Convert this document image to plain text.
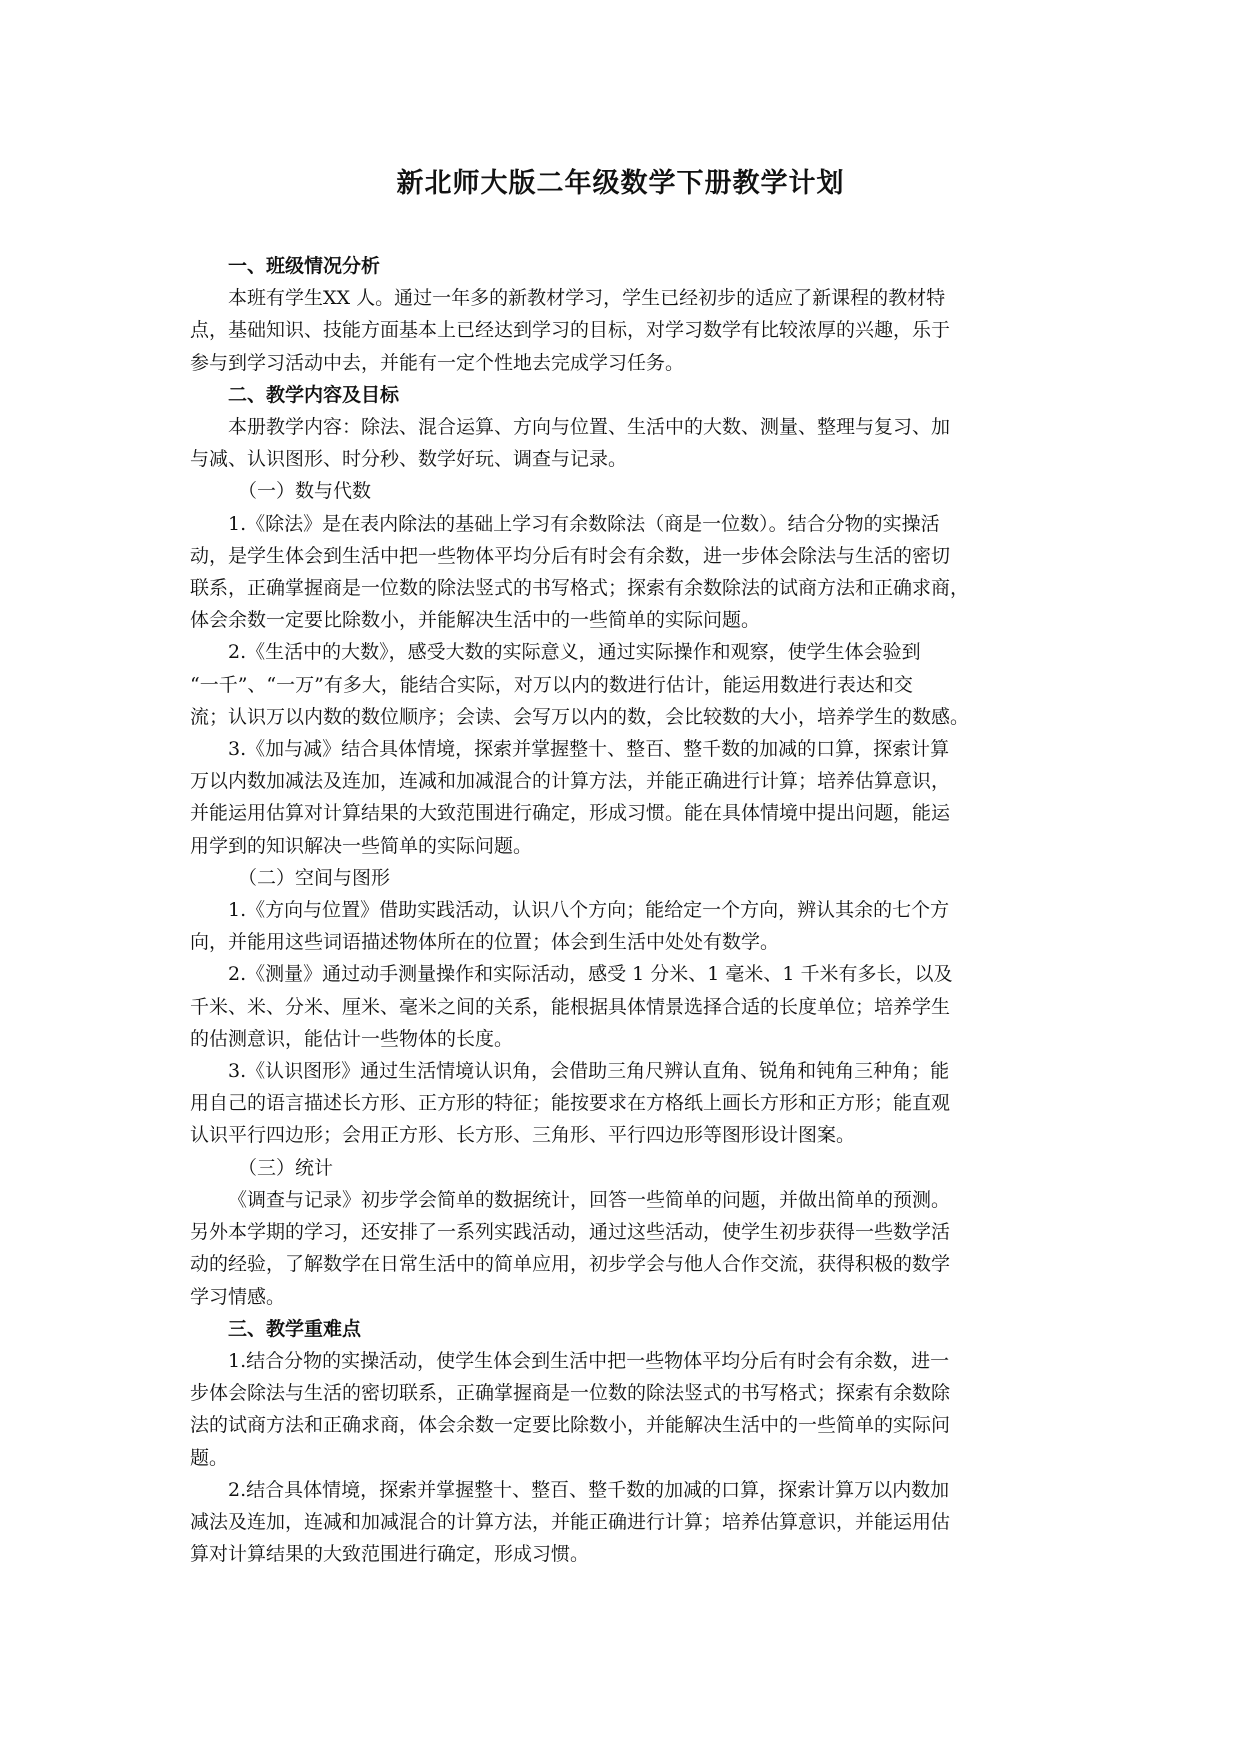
新北师大版二年级数学下册教学计划
一、班级情况分析
本班有学生XX 人。通过一年多的新教材学习，学生已经初步的适应了新课程的教材特
点，基础知识、技能方面基本上已经达到学习的目标，对学习数学有比较浓厚的兴趣，乐于
参与到学习活动中去，并能有一定个性地去完成学习任务。
二、教学内容及目标
本册教学内容：除法、混合运算、方向与位置、生活中的大数、测量、整理与复习、加
与减、认识图形、时分秒、数学好玩、调查与记录。
（一）数与代数
1.《除法》是在表内除法的基础上学习有余数除法（商是一位数）。结合分物的实操活
动，是学生体会到生活中把一些物体平均分后有时会有余数，进一步体会除法与生活的密切
联系，正确掌握商是一位数的除法竖式的书写格式；探索有余数除法的试商方法和正确求商，
体会余数一定要比除数小，并能解决生活中的一些简单的实际问题。
2.《生活中的大数》，感受大数的实际意义，通过实际操作和观察，使学生体会验到
“一千”、“一万”有多大，能结合实际，对万以内的数进行估计，能运用数进行表达和交
流；认识万以内数的数位顺序；会读、会写万以内的数，会比较数的大小，培养学生的数感。
3.《加与减》结合具体情境，探索并掌握整十、整百、整千数的加减的口算，探索计算
万以内数加减法及连加，连减和加减混合的计算方法，并能正确进行计算；培养估算意识，
并能运用估算对计算结果的大致范围进行确定，形成习惯。能在具体情境中提出问题，能运
用学到的知识解决一些简单的实际问题。
（二）空间与图形
1.《方向与位置》借助实践活动，认识八个方向；能给定一个方向，辨认其余的七个方
向，并能用这些词语描述物体所在的位置；体会到生活中处处有数学。
2.《测量》通过动手测量操作和实际活动，感受 1 分米、1 毫米、1 千米有多长，以及
千米、米、分米、厘米、毫米之间的关系，能根据具体情景选择合适的长度单位；培养学生
的估测意识，能估计一些物体的长度。
3.《认识图形》通过生活情境认识角，会借助三角尺辨认直角、锐角和钝角三种角；能
用自己的语言描述长方形、正方形的特征；能按要求在方格纸上画长方形和正方形；能直观
认识平行四边形；会用正方形、长方形、三角形、平行四边形等图形设计图案。
（三）统计
《调查与记录》初步学会简单的数据统计，回答一些简单的问题，并做出简单的预测。
另外本学期的学习，还安排了一系列实践活动，通过这些活动，使学生初步获得一些数学活
动的经验，了解数学在日常生活中的简单应用，初步学会与他人合作交流，获得积极的数学
学习情感。
三、教学重难点
1.结合分物的实操活动，使学生体会到生活中把一些物体平均分后有时会有余数，进一
步体会除法与生活的密切联系，正确掌握商是一位数的除法竖式的书写格式；探索有余数除
法的试商方法和正确求商，体会余数一定要比除数小，并能解决生活中的一些简单的实际问
题。
2.结合具体情境，探索并掌握整十、整百、整千数的加减的口算，探索计算万以内数加
减法及连加，连减和加减混合的计算方法，并能正确进行计算；培养估算意识，并能运用估
算对计算结果的大致范围进行确定，形成习惯。
